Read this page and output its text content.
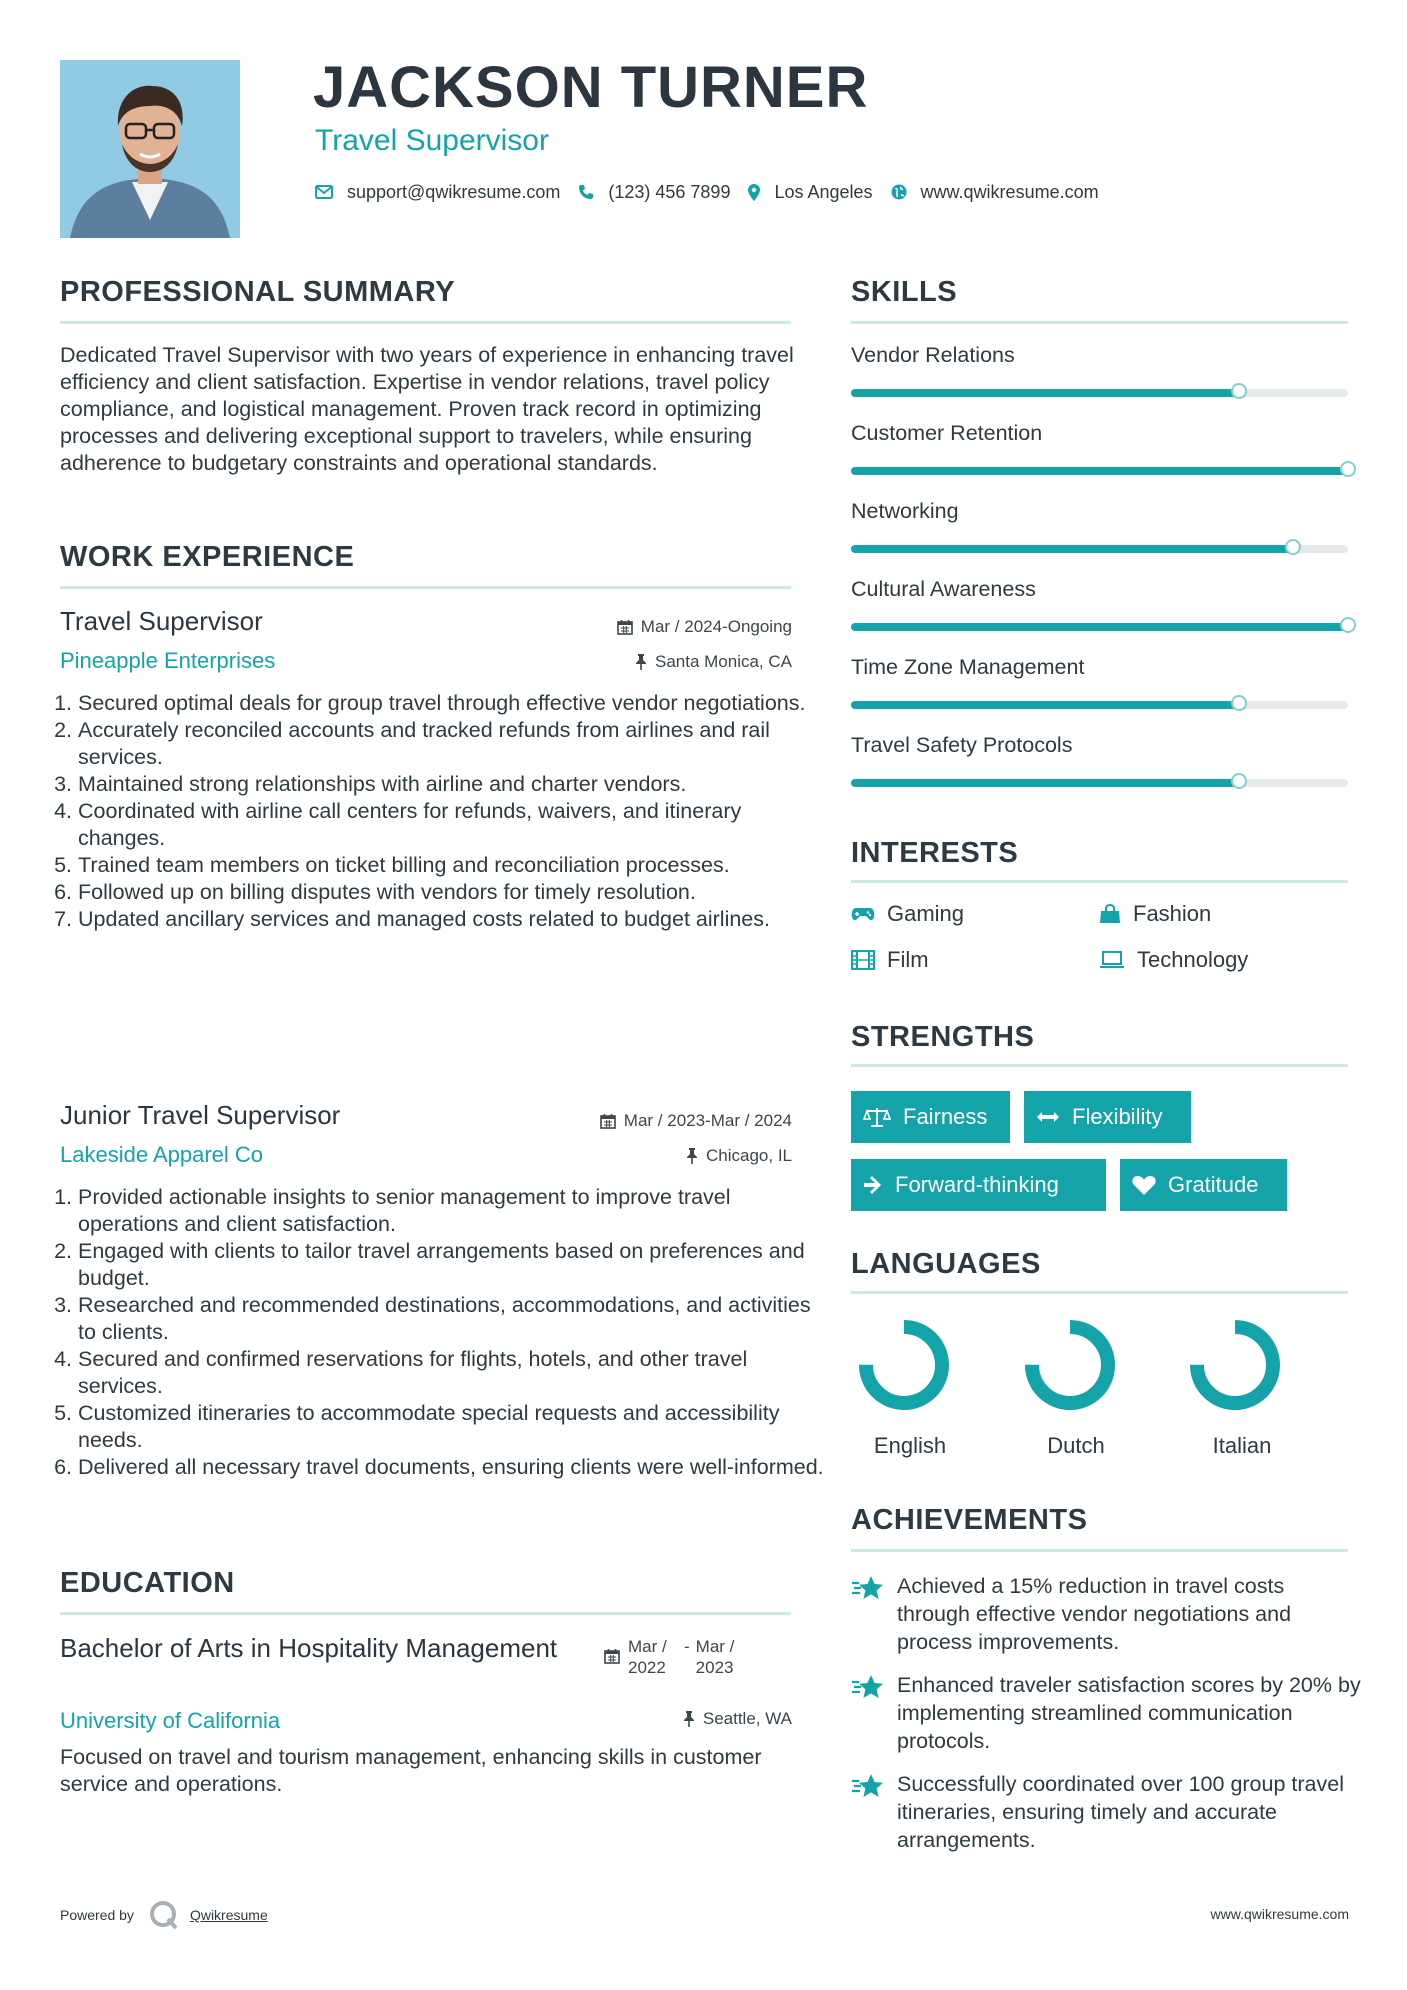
JACKSON TURNER
Travel Supervisor
support@qwikresume.com	(123) 456 7899 Los Angeles	www.qwikresume.com
PROFESSIONAL SUMMARY
Dedicated Travel Supervisor with two years of experience in enhancing travel efficiency and client satisfaction. Expertise in vendor relations, travel policy compliance, and logistical management. Proven track record in optimizing processes and delivering exceptional support to travelers, while ensuring adherence to budgetary constraints and operational standards.
WORK EXPERIENCE
Travel Supervisor	Mar / 2024-Ongoing
Pineapple Enterprises	Santa Monica, CA
1. Secured optimal deals for group travel through effective vendor negotiations.
2. Accurately reconciled accounts and tracked refunds from airlines and rail services.
3. Maintained strong relationships with airline and charter vendors.
4. Coordinated with airline call centers for refunds, waivers, and itinerary changes.
5. Trained team members on ticket billing and reconciliation processes.
6. Followed up on billing disputes with vendors for timely resolution.
7. Updated ancillary services and managed costs related to budget airlines.
Junior Travel Supervisor	Mar / 2023-Mar / 2024
Lakeside Apparel Co	Chicago, IL
1. Provided actionable insights to senior management to improve travel operations and client satisfaction.
2. Engaged with clients to tailor travel arrangements based on preferences and budget.
3. Researched and recommended destinations, accommodations, and activities to clients.
4. Secured and confirmed reservations for flights, hotels, and other travel services.
5. Customized itineraries to accommodate special requests and accessibility needs.
6. Delivered all necessary travel documents, ensuring clients were well-informed.
EDUCATION
Bachelor of Arts in Hospitality Management	Mar / 2022
- Mar / 2023
University of California	Seattle, WA
Focused on travel and tourism management, enhancing skills in customer service and operations.
SKILLS
Vendor Relations
Customer Retention
Networking
Cultural Awareness
Time Zone Management
Travel Safety Protocols
INTERESTS
Gaming	Fashion
Film	Technology
STRENGTHS
Fairness	Flexibility
Forward-thinking	Gratitude
LANGUAGES
English	Dutch	Italian
ACHIEVEMENTS
Achieved a 15% reduction in travel costs through effective vendor negotiations and process improvements.
Enhanced traveler satisfaction scores by 20% by implementing streamlined communication protocols.
Successfully coordinated over 100 group travel itineraries, ensuring timely and accurate arrangements.
Powered by	Qwikresume	www.qwikresume.com
